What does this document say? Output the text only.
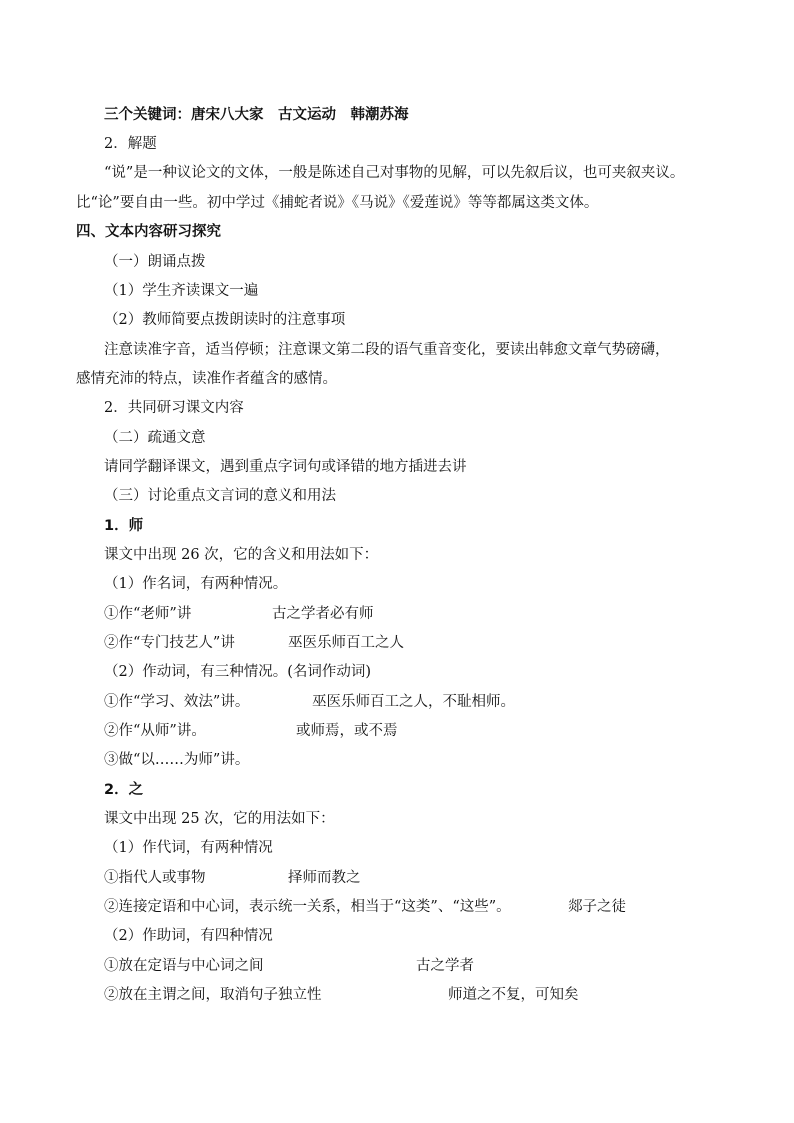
三个关键词：唐宋八大家　古文运动　韩潮苏海
2．解题
“说”是一种议论文的文体，一般是陈述自己对事物的见解，可以先叙后议，也可夹叙夹议。
比“论”要自由一些。初中学过《捕蛇者说》《马说》《爱莲说》等等都属这类文体。
四、文本内容研习探究
（一）朗诵点拨
（1）学生齐读课文一遍
（2）教师简要点拨朗读时的注意事项
注意读准字音，适当停顿；注意课文第二段的语气重音变化，要读出韩愈文章气势磅礴，
感情充沛的特点，读准作者蕴含的感情。
2．共同研习课文内容
（二）疏通文意
请同学翻译课文，遇到重点字词句或译错的地方插进去讲
（三）讨论重点文言词的意义和用法
1．师
课文中出现 26 次，它的含义和用法如下：
（1）作名词，有两种情况。
①作“老师”讲	古之学者必有师
②作“专门技艺人”讲	巫医乐师百工之人
（2）作动词，有三种情况。(名词作动词)
①作“学习、效法”讲。	巫医乐师百工之人，不耻相师。
②作“从师”讲。	或师焉，或不焉
③做“以……为师”讲。
2．之
课文中出现 25 次，它的用法如下：
（1）作代词，有两种情况
①指代人或事物	择师而教之
②连接定语和中心词，表示统一关系，相当于“这类”、“这些”。	郯子之徒
（2）作助词，有四种情况
①放在定语与中心词之间	古之学者
②放在主谓之间，取消句子独立性	师道之不复，可知矣
